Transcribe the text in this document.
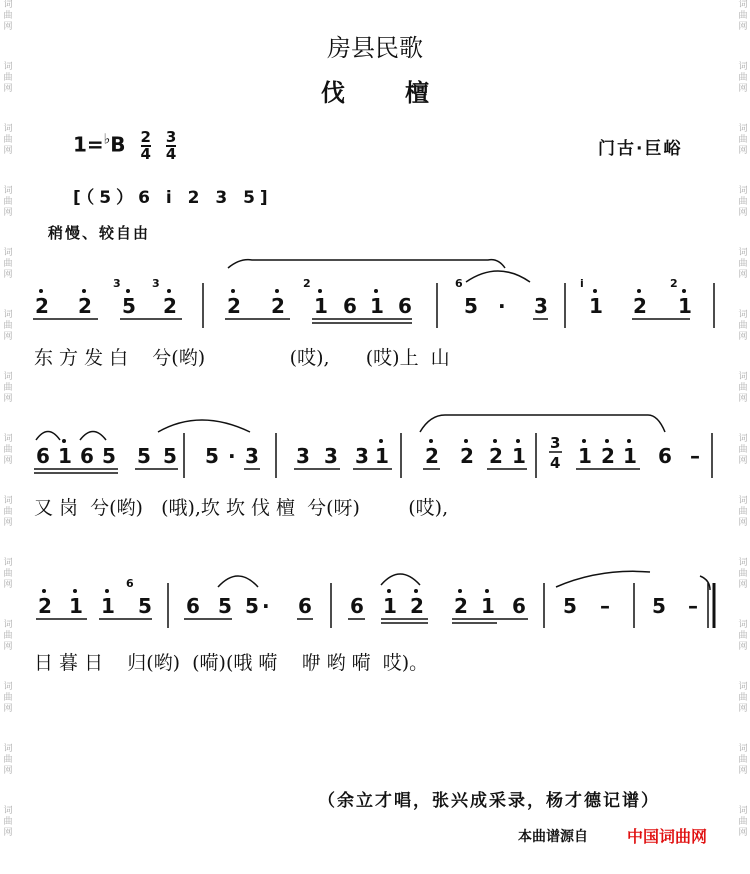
词
曲
网
词
曲
网
词
曲
网
词
曲
网
词
曲
网
词
曲
网
词
曲
网
词
曲
网
词
曲
网
词
曲
网
词
曲
网
词
曲
网
词
曲
网
词
曲
网
词
曲
网
词
曲
网
词
曲
网
词
曲
网
词
曲
网
词
曲
网
词
曲
网
词
曲
网
词
曲
网
词
曲
网
词
曲
网
词
曲
网
词
曲
网
词
曲
网
房县民歌
伐檀
$1=^♭B \frac{2}{4} \frac{3}{4}$	门古·巨峪
[（5）6 i 2 3 5]
稍慢、较自由
2 2 5 2
3	3
2 2
2
1 6 1 6
6
5 · 3
i
1 2
2
1
6 1 6 5 5 5 5 · 3 3 3 3 1 2 2 2 1
3
4 1 2 1 6 –
2 1 1
6
5 6 5 5 · 6 6 1 2 2 1 6 5 – 5 –
东 方 发 白    兮(哟)              (哎),      (哎)上  山
又 岗  兮(哟)   (哦),坎 坎 伐 檀  兮(呀)        (哎),
日 暮 日    归(哟)  (嗬)(哦 嗬    咿 哟 嗬  哎)。
（余立才唱，张兴成采录，杨才德记谱）
本曲谱源自 中国词曲网
